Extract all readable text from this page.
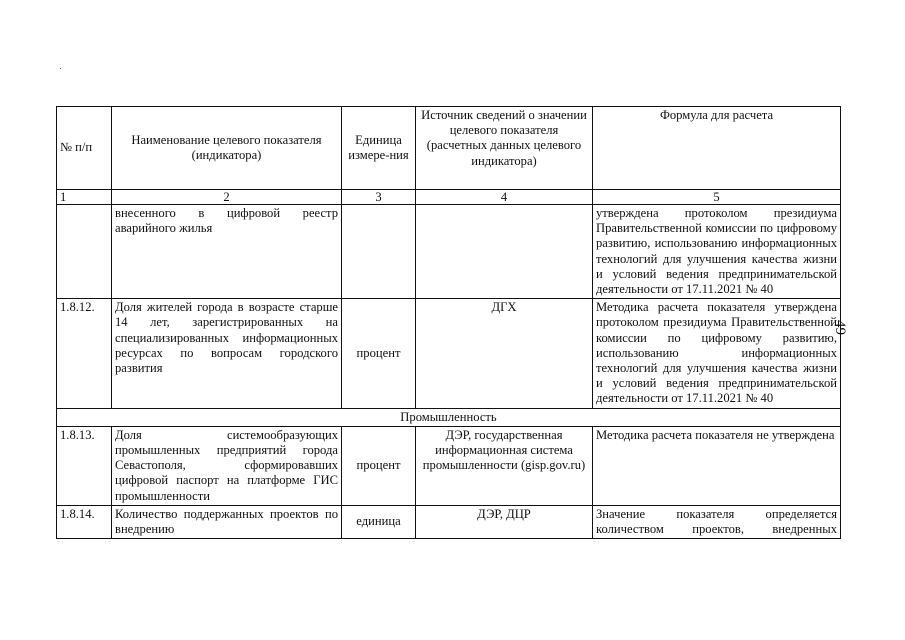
49
№ п/п	Наименование целевого показателя (индикатора)	Единица измере-ния	Источник сведений о значении целевого показателя (расчетных данных целевого индикатора)	Формула для расчета
1	2	3	4	5
	внесенного в цифровой реестр аварийного жилья			утверждена протоколом президиума Правительственной комиссии по цифровому развитию, использованию информационных технологий для улучшения качества жизни и условий ведения предпринимательской деятельности от 17.11.2021 № 40
1.8.12.	Доля жителей города в возрасте старше 14 лет, зарегистрированных на специализированных информационных ресурсах по вопросам городского развития	процент	ДГХ	Методика расчета показателя утверждена протоколом президиума Правительственной комиссии по цифровому развитию, использованию информационных технологий для улучшения качества жизни и условий ведения предпринимательской деятельности от 17.11.2021 № 40
Промышленность				
1.8.13.	Доля системообразующих промышленных предприятий города Севастополя, сформировавших цифровой паспорт на платформе ГИС промышленности	процент	ДЭР, государственная информационная система промышленности (gisp.gov.ru)	Методика расчета показателя не утверждена
1.8.14.	Количество поддержанных проектов по внедрению	единица	ДЭР, ДЦР	Значение показателя определяется количеством проектов, внедренных
